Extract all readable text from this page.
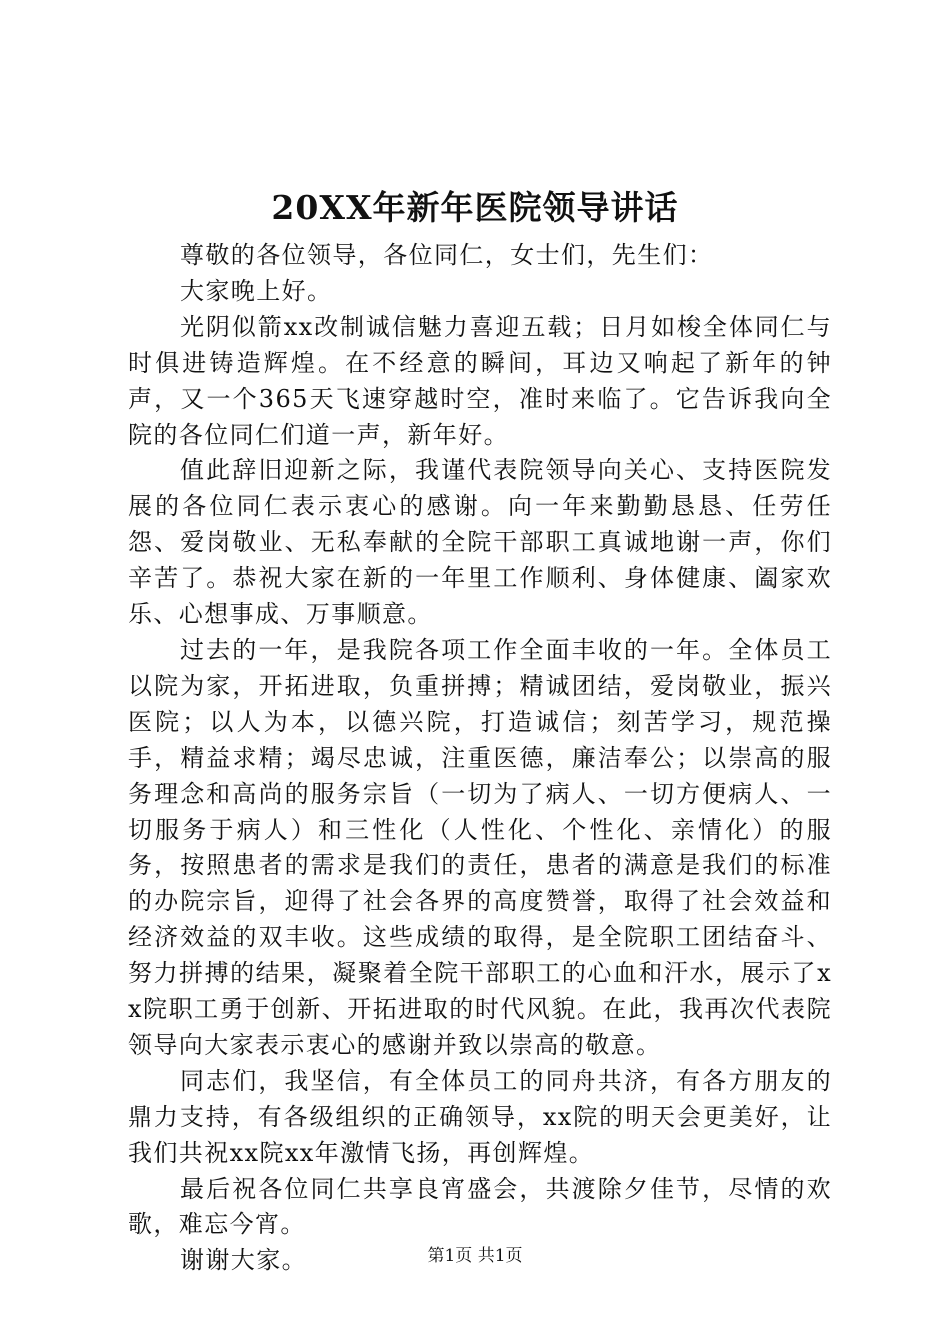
20XX年新年医院领导讲话

尊敬的各位领导，各位同仁，女士们，先生们：

大家晚上好。

光阴似箭xx改制诚信魅力喜迎五载；日月如梭全体同仁与时俱进铸造辉煌。在不经意的瞬间，耳边又响起了新年的钟声，又一个365天飞速穿越时空，准时来临了。它告诉我向全院的各位同仁们道一声，新年好。

值此辞旧迎新之际，我谨代表院领导向关心、支持医院发展的各位同仁表示衷心的感谢。向一年来勤勤恳恳、任劳任怨、爱岗敬业、无私奉献的全院干部职工真诚地谢一声，你们辛苦了。恭祝大家在新的一年里工作顺利、身体健康、阖家欢乐、心想事成、万事顺意。

过去的一年，是我院各项工作全面丰收的一年。全体员工以院为家，开拓进取，负重拼搏；精诚团结，爱岗敬业，振兴医院；以人为本，以德兴院，打造诚信；刻苦学习，规范操手，精益求精；竭尽忠诚，注重医德，廉洁奉公；以崇高的服务理念和高尚的服务宗旨（一切为了病人、一切方便病人、一切服务于病人）和三性化（人性化、个性化、亲情化）的服务，按照患者的需求是我们的责任，患者的满意是我们的标准的办院宗旨，迎得了社会各界的高度赞誉，取得了社会效益和经济效益的双丰收。这些成绩的取得，是全院职工团结奋斗、努力拼搏的结果，凝聚着全院干部职工的心血和汗水，展示了xx院职工勇于创新、开拓进取的时代风貌。在此，我再次代表院领导向大家表示衷心的感谢并致以崇高的敬意。

同志们，我坚信，有全体员工的同舟共济，有各方朋友的鼎力支持，有各级组织的正确领导，xx院的明天会更美好，让我们共祝xx院xx年激情飞扬，再创辉煌。

最后祝各位同仁共享良宵盛会，共渡除夕佳节，尽情的欢歌，难忘今宵。

谢谢大家。	第1页 共1页
